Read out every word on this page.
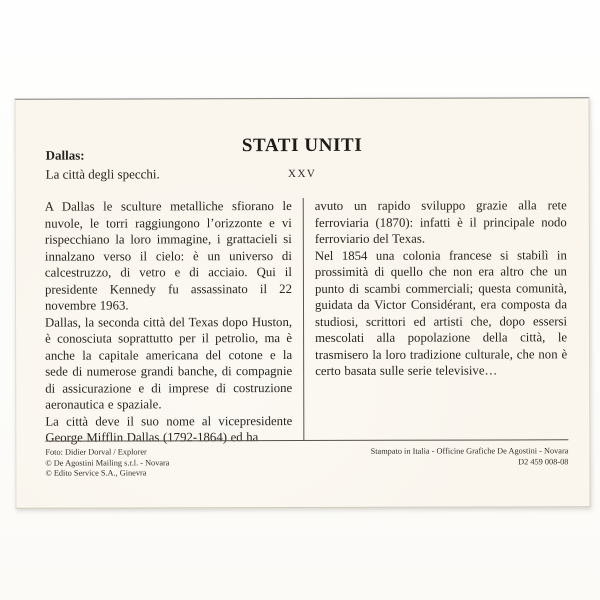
Dallas:
La città degli specchi.
STATI UNITI
XXV

A Dallas le sculture metalliche sfiorano le nuvole, le torri raggiungono l’orizzonte e vi rispecchiano la loro immagine, i grattacieli si innalzano verso il cielo: è un universo di calcestruzzo, di vetro e di acciaio. Qui il presidente Kennedy fu assassinato il 22 novembre 1963.

Dallas, la seconda città del Texas dopo Huston, è conosciuta soprattutto per il petrolio, ma è anche la capitale americana del cotone e la sede di numerose grandi banche, di compagnie di assicurazione e di imprese di costruzione aeronautica e spaziale.

La città deve il suo nome al vicepresidente George Mifflin Dallas (1792-1864) ed ha

avuto un rapido sviluppo grazie alla rete ferroviaria (1870): infatti è il principale nodo ferroviario del Texas.

Nel 1854 una colonia francese si stabilì in prossimità di quello che non era altro che un punto di scambi commerciali; questa comunità, guidata da Victor Considérant, era composta da studiosi, scrittori ed artisti che, dopo essersi mescolati alla popolazione della città, le trasmisero la loro tradizione culturale, che non è certo basata sulle serie televisive…

Foto: Didier Dorval / Explorer
© De Agostini Mailing s.r.l. - Novara
© Edito Service S.A., Ginevra
Stampato in Italia - Officine Grafiche De Agostini - Novara
D2 459 008-08
